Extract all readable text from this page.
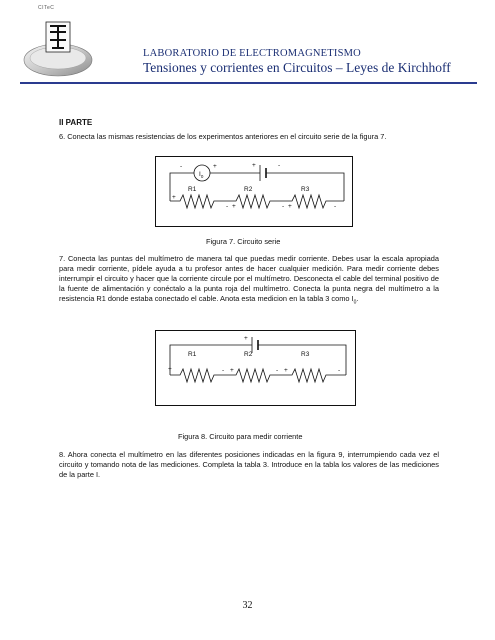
CITeC
LABORATORIO DE ELECTROMAGNETISMO
Tensiones y corrientes en Circuitos – Leyes de Kirchhoff
II PARTE
6. Conecta las mismas resistencias de los experimentos anteriores en el circuito serie de la figura 7.
$I_0$
-	+	+	-
R1	R2	R3
+
- +	- +	-
Figura 7. Circuito serie
7. Conecta las puntas del multímetro de manera tal que puedas medir corriente. Debes usar la escala apropiada para medir corriente, pídele ayuda a tu profesor antes de hacer cualquier medición. Para medir corriente debes interrumpir el circuito y hacer que la corriente circule por el multímetro. Desconecta el cable del terminal positivo de la fuente de alimentación y conéctalo a la punta roja del multímetro. Conecta la punta negra del multímetro a la resistencia R1 donde estaba conectado el cable. Anota esta medicion en la tabla 3 como $I_0$.
+
R1	R2	R3
+	- +	- +	-
Figura 8. Circuito para medir corriente
8. Ahora conecta el multímetro en las diferentes posiciones indicadas en la figura 9, interrumpiendo cada vez el circuito y tomando nota de las mediciones. Completa la tabla 3. Introduce en la tabla los valores de las mediciones de la parte I.
32
